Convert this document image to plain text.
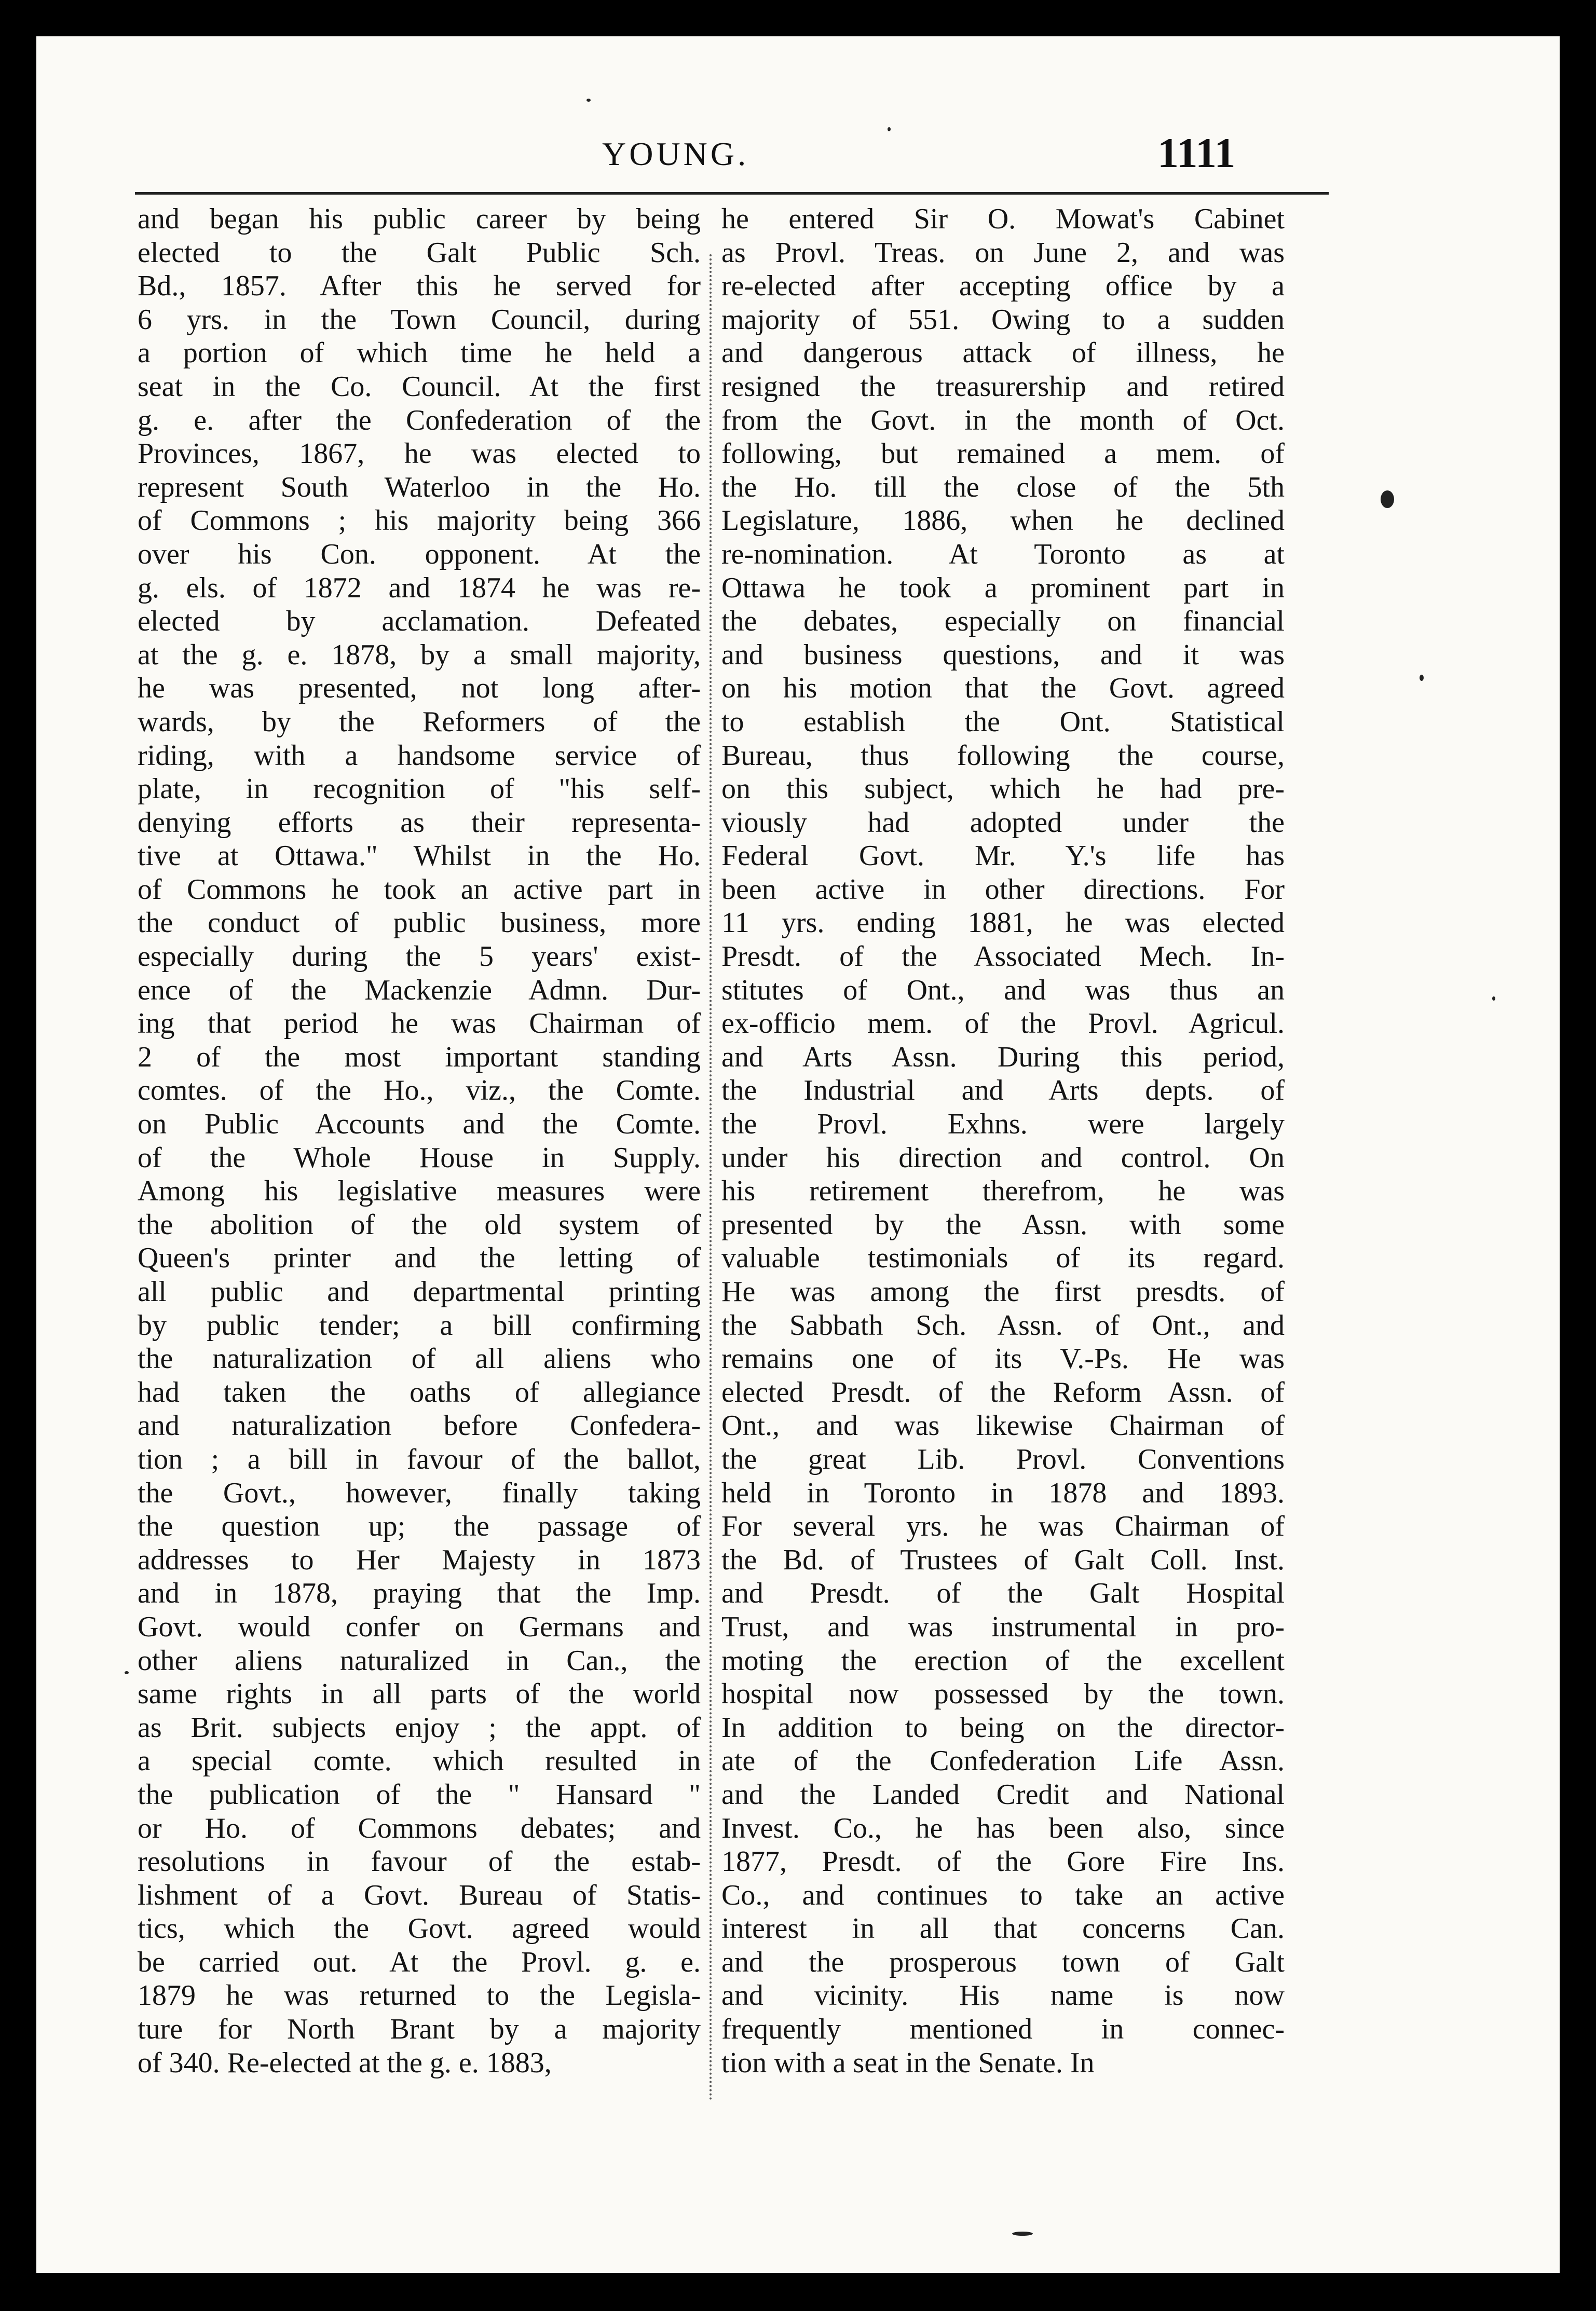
YOUNG.	1111
and began his public career by being
elected to the Galt Public Sch.
Bd., 1857. After this he served for
6 yrs. in the Town Council, during
a portion of which time he held a
seat in the Co. Council. At the first
g. e. after the Confederation of the
Provinces, 1867, he was elected to
represent South Waterloo in the Ho.
of Commons ; his majority being 366
over his Con. opponent. At the
g. els. of 1872 and 1874 he was re-
elected by acclamation. Defeated
at the g. e. 1878, by a small majority,
he was presented, not long after-
wards, by the Reformers of the
riding, with a handsome service of
plate, in recognition of "his self-
denying efforts as their representa-
tive at Ottawa." Whilst in the Ho.
of Commons he took an active part in
the conduct of public business, more
especially during the 5 years' exist-
ence of the Mackenzie Admn. Dur-
ing that period he was Chairman of
2 of the most important standing
comtes. of the Ho., viz., the Comte.
on Public Accounts and the Comte.
of the Whole House in Supply.
Among his legislative measures were
the abolition of the old system of
Queen's printer and the letting of
all public and departmental printing
by public tender; a bill confirming
the naturalization of all aliens who
had taken the oaths of allegiance
and naturalization before Confedera-
tion ; a bill in favour of the ballot,
the Govt., however, finally taking
the question up; the passage of
addresses to Her Majesty in 1873
and in 1878, praying that the Imp.
Govt. would confer on Germans and
other aliens naturalized in Can., the
same rights in all parts of the world
as Brit. subjects enjoy ; the appt. of
a special comte. which resulted in
the publication of the " Hansard "
or Ho. of Commons debates; and
resolutions in favour of the estab-
lishment of a Govt. Bureau of Statis-
tics, which the Govt. agreed would
be carried out. At the Provl. g. e.
1879 he was returned to the Legisla-
ture for North Brant by a majority
of 340. Re-elected at the g. e. 1883,
he entered Sir O. Mowat's Cabinet
as Provl. Treas. on June 2, and was
re-elected after accepting office by a
majority of 551. Owing to a sudden
and dangerous attack of illness, he
resigned the treasurership and retired
from the Govt. in the month of Oct.
following, but remained a mem. of
the Ho. till the close of the 5th
Legislature, 1886, when he declined
re-nomination. At Toronto as at
Ottawa he took a prominent part in
the debates, especially on financial
and business questions, and it was
on his motion that the Govt. agreed
to establish the Ont. Statistical
Bureau, thus following the course,
on this subject, which he had pre-
viously had adopted under the
Federal Govt. Mr. Y.'s life has
been active in other directions. For
11 yrs. ending 1881, he was elected
Presdt. of the Associated Mech. In-
stitutes of Ont., and was thus an
ex-officio mem. of the Provl. Agricul.
and Arts Assn. During this period,
the Industrial and Arts depts. of
the Provl. Exhns. were largely
under his direction and control. On
his retirement therefrom, he was
presented by the Assn. with some
valuable testimonials of its regard.
He was among the first presdts. of
the Sabbath Sch. Assn. of Ont., and
remains one of its V.-Ps. He was
elected Presdt. of the Reform Assn. of
Ont., and was likewise Chairman of
the great Lib. Provl. Conventions
held in Toronto in 1878 and 1893.
For several yrs. he was Chairman of
the Bd. of Trustees of Galt Coll. Inst.
and Presdt. of the Galt Hospital
Trust, and was instrumental in pro-
moting the erection of the excellent
hospital now possessed by the town.
In addition to being on the director-
ate of the Confederation Life Assn.
and the Landed Credit and National
Invest. Co., he has been also, since
1877, Presdt. of the Gore Fire Ins.
Co., and continues to take an active
interest in all that concerns Can.
and the prosperous town of Galt
and vicinity. His name is now
frequently mentioned in connec-
tion with a seat in the Senate. In
